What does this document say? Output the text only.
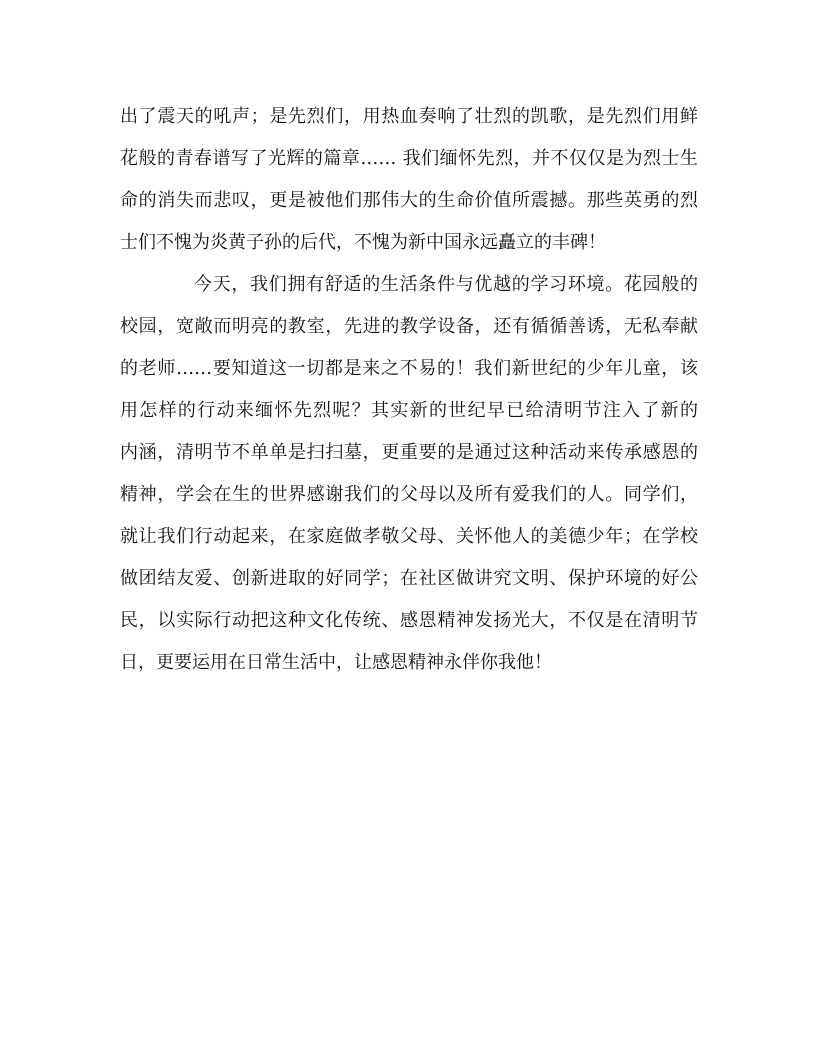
出了震天的吼声；是先烈们，用热血奏响了壮烈的凯歌，是先烈们用鲜
花般的青春谱写了光辉的篇章…… 我们缅怀先烈，并不仅仅是为烈士生
命的消失而悲叹，更是被他们那伟大的生命价值所震撼。那些英勇的烈
士们不愧为炎黄子孙的后代，不愧为新中国永远矗立的丰碑！
今天，我们拥有舒适的生活条件与优越的学习环境。花园般的
校园，宽敞而明亮的教室，先进的教学设备，还有循循善诱，无私奉献
的老师……要知道这一切都是来之不易的！我们新世纪的少年儿童，该
用怎样的行动来缅怀先烈呢？其实新的世纪早已给清明节注入了新的
内涵，清明节不单单是扫扫墓，更重要的是通过这种活动来传承感恩的
精神，学会在生的世界感谢我们的父母以及所有爱我们的人。同学们，
就让我们行动起来，在家庭做孝敬父母、关怀他人的美德少年；在学校
做团结友爱、创新进取的好同学；在社区做讲究文明、保护环境的好公
民，以实际行动把这种文化传统、感恩精神发扬光大，不仅是在清明节
日，更要运用在日常生活中，让感恩精神永伴你我他！
